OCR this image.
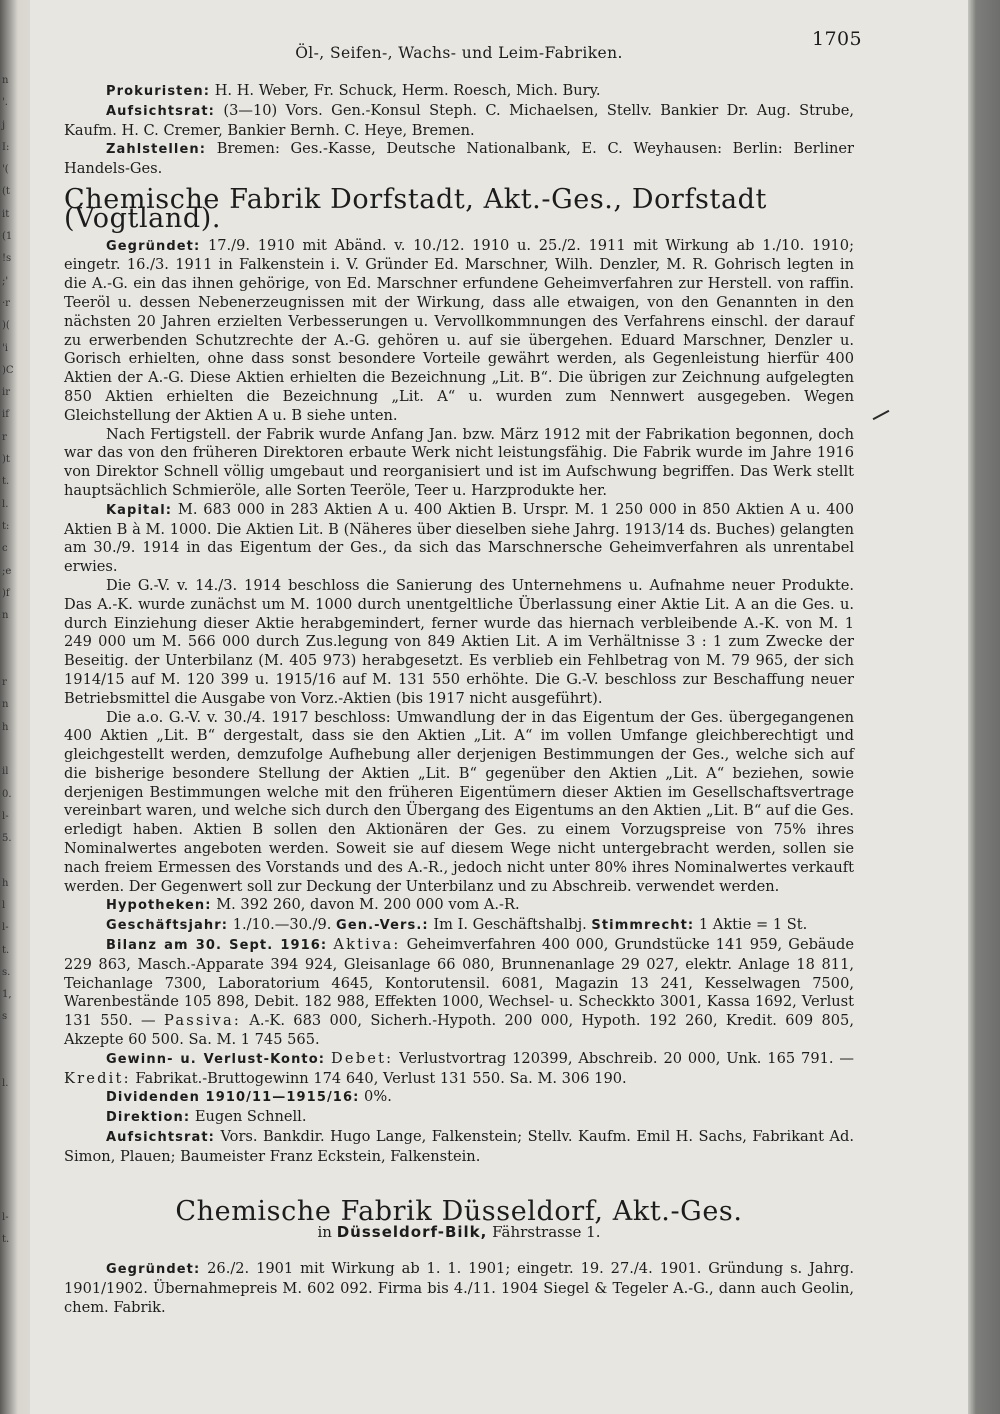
n
'.
j
I:
'(
(t
it
(1
!s
;'
·r
)(
'i
)C
ir
if
r
)t
t.
l.
t:
c
;e
)f
n

r
n
h

il
0.
l-
5.

h
l
l-
t.
s.
1,
s

l.

l-
t.
Öl-, Seifen-, Wachs- und Leim-Fabriken.
1705

Prokuristen: H. H. Weber, Fr. Schuck, Herm. Roesch, Mich. Bury.

Aufsichtsrat: (3—10) Vors. Gen.-Konsul Steph. C. Michaelsen, Stellv. Bankier Dr. Aug. Strube, Kaufm. H. C. Cremer, Bankier Bernh. C. Heye, Bremen.

Zahlstellen: Bremen: Ges.-Kasse, Deutsche Nationalbank, E. C. Weyhausen: Berlin: Berliner Handels-Ges.

Chemische Fabrik Dorfstadt, Akt.-Ges., Dorfstadt (Vogtland).

Gegründet: 17./9. 1910 mit Abänd. v. 10./12. 1910 u. 25./2. 1911 mit Wirkung ab 1./10. 1910; eingetr. 16./3. 1911 in Falkenstein i. V. Gründer Ed. Marschner, Wilh. Denzler, M. R. Gohrisch legten in die A.-G. ein das ihnen gehörige, von Ed. Marschner erfundene Geheimverfahren zur Herstell. von raffin. Teeröl u. dessen Nebenerzeugnissen mit der Wirkung, dass alle etwaigen, von den Genannten in den nächsten 20 Jahren erzielten Verbesserungen u. Vervollkommnungen des Verfahrens einschl. der darauf zu erwerbenden Schutzrechte der A.-G. gehören u. auf sie übergehen. Eduard Marschner, Denzler u. Gorisch erhielten, ohne dass sonst besondere Vorteile gewährt werden, als Gegenleistung hierfür 400 Aktien der A.-G. Diese Aktien erhielten die Bezeichnung „Lit. B“. Die übrigen zur Zeichnung aufgelegten 850 Aktien erhielten die Bezeichnung „Lit. A“ u. wurden zum Nennwert ausgegeben. Wegen Gleichstellung der Aktien A u. B siehe unten.

Nach Fertigstell. der Fabrik wurde Anfang Jan. bzw. März 1912 mit der Fabrikation begonnen, doch war das von den früheren Direktoren erbaute Werk nicht leistungsfähig. Die Fabrik wurde im Jahre 1916 von Direktor Schnell völlig umgebaut und reorganisiert und ist im Aufschwung begriffen. Das Werk stellt hauptsächlich Schmieröle, alle Sorten Teeröle, Teer u. Harzprodukte her.

Kapital: M. 683 000 in 283 Aktien A u. 400 Aktien B. Urspr. M. 1 250 000 in 850 Aktien A u. 400 Aktien B à M. 1000. Die Aktien Lit. B (Näheres über dieselben siehe Jahrg. 1913/14 ds. Buches) gelangten am 30./9. 1914 in das Eigentum der Ges., da sich das Marschnersche Geheimverfahren als unrentabel erwies.

Die G.-V. v. 14./3. 1914 beschloss die Sanierung des Unternehmens u. Aufnahme neuer Produkte. Das A.-K. wurde zunächst um M. 1000 durch unentgeltliche Überlassung einer Aktie Lit. A an die Ges. u. durch Einziehung dieser Aktie herabgemindert, ferner wurde das hiernach verbleibende A.-K. von M. 1 249 000 um M. 566 000 durch Zus.legung von 849 Aktien Lit. A im Verhältnisse 3 : 1 zum Zwecke der Beseitig. der Unterbilanz (M. 405 973) herabgesetzt. Es verblieb ein Fehlbetrag von M. 79 965, der sich 1914/15 auf M. 120 399 u. 1915/16 auf M. 131 550 erhöhte. Die G.-V. beschloss zur Beschaffung neuer Betriebsmittel die Ausgabe von Vorz.-Aktien (bis 1917 nicht ausgeführt).

Die a.o. G.-V. v. 30./4. 1917 beschloss: Umwandlung der in das Eigentum der Ges. übergegangenen 400 Aktien „Lit. B“ dergestalt, dass sie den Aktien „Lit. A“ im vollen Umfange gleichberechtigt und gleichgestellt werden, demzufolge Aufhebung aller derjenigen Bestimmungen der Ges., welche sich auf die bisherige besondere Stellung der Aktien „Lit. B“ gegenüber den Aktien „Lit. A“ beziehen, sowie derjenigen Bestimmungen welche mit den früheren Eigentümern dieser Aktien im Gesellschaftsvertrage vereinbart waren, und welche sich durch den Übergang des Eigentums an den Aktien „Lit. B“ auf die Ges. erledigt haben. Aktien B sollen den Aktionären der Ges. zu einem Vorzugspreise von 75% ihres Nominalwertes angeboten werden. Soweit sie auf diesem Wege nicht untergebracht werden, sollen sie nach freiem Ermessen des Vorstands und des A.-R., jedoch nicht unter 80% ihres Nominalwertes verkauft werden. Der Gegenwert soll zur Deckung der Unterbilanz und zu Abschreib. verwendet werden.

Hypotheken: M. 392 260, davon M. 200 000 vom A.-R.

Geschäftsjahr: 1./10.—30./9. Gen.-Vers.: Im I. Geschäftshalbj. Stimmrecht: 1 Aktie = 1 St.

Bilanz am 30. Sept. 1916: Aktiva: Geheimverfahren 400 000, Grundstücke 141 959, Gebäude 229 863, Masch.-Apparate 394 924, Gleisanlage 66 080, Brunnenanlage 29 027, elektr. Anlage 18 811, Teichanlage 7300, Laboratorium 4645, Kontorutensil. 6081, Magazin 13 241, Kesselwagen 7500, Warenbestände 105 898, Debit. 182 988, Effekten 1000, Wechsel- u. Scheckkto 3001, Kassa 1692, Verlust 131 550. — Passiva: A.-K. 683 000, Sicherh.-Hypoth. 200 000, Hypoth. 192 260, Kredit. 609 805, Akzepte 60 500. Sa. M. 1 745 565.

Gewinn- u. Verlust-Konto: Debet: Verlustvortrag 120399, Abschreib. 20 000, Unk. 165 791. — Kredit: Fabrikat.-Bruttogewinn 174 640, Verlust 131 550. Sa. M. 306 190.

Dividenden 1910/11—1915/16: 0%.

Direktion: Eugen Schnell.

Aufsichtsrat: Vors. Bankdir. Hugo Lange, Falkenstein; Stellv. Kaufm. Emil H. Sachs, Fabrikant Ad. Simon, Plauen; Baumeister Franz Eckstein, Falkenstein.

Chemische Fabrik Düsseldorf, Akt.-Ges.
in Düsseldorf-Bilk, Fährstrasse 1.

Gegründet: 26./2. 1901 mit Wirkung ab 1. 1. 1901; eingetr. 19. 27./4. 1901. Gründung s. Jahrg. 1901/1902. Übernahmepreis M. 602 092. Firma bis 4./11. 1904 Siegel & Tegeler A.-G., dann auch Geolin, chem. Fabrik.
